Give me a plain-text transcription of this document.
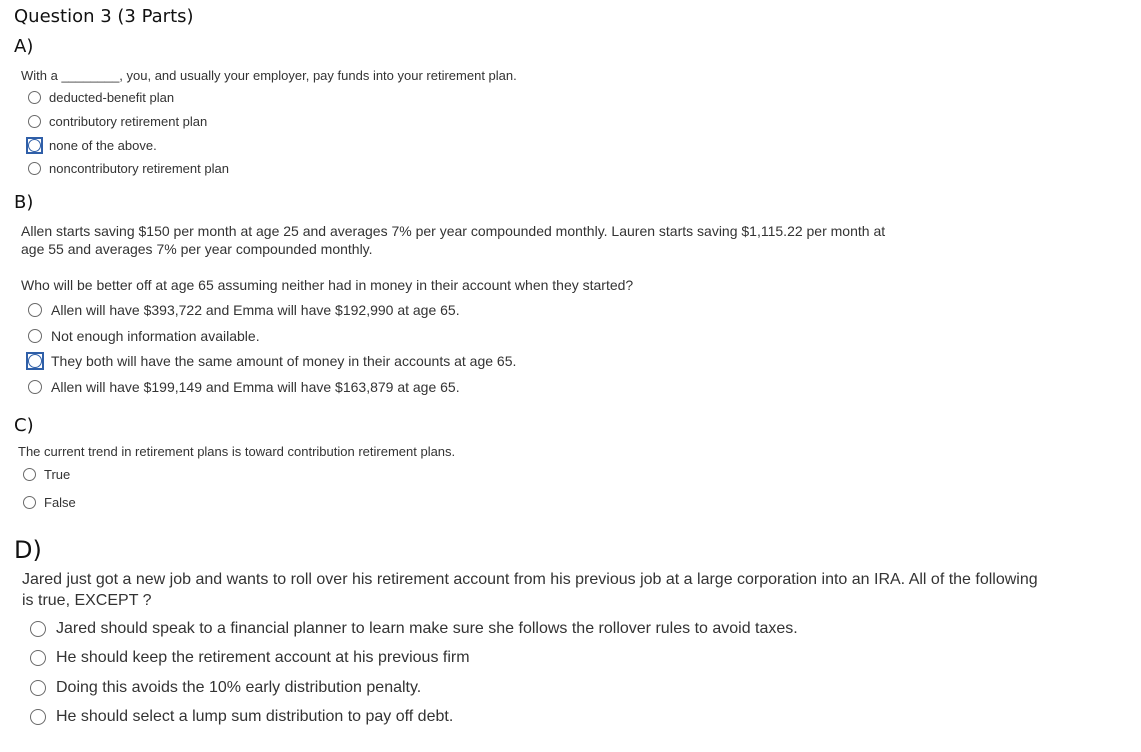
Question 3 (3 Parts)
A)
With a ________, you, and usually your employer, pay funds into your retirement plan.
deducted-benefit plan
contributory retirement plan
none of the above.
noncontributory retirement plan
B)
Allen starts saving $150 per month at age 25 and averages 7% per year compounded monthly. Lauren starts saving $1,115.22 per month at
age 55 and averages 7% per year compounded monthly.
Who will be better off at age 65 assuming neither had in money in their account when they started?
Allen will have $393,722 and Emma will have $192,990 at age 65.
Not enough information available.
They both will have the same amount of money in their accounts at age 65.
Allen will have $199,149 and Emma will have $163,879 at age 65.
C)
The current trend in retirement plans is toward contribution retirement plans.
True
False
D)
Jared just got a new job and wants to roll over his retirement account from his previous job at a large corporation into an IRA. All of the following
is true, EXCEPT ?
Jared should speak to a financial planner to learn make sure she follows the rollover rules to avoid taxes.
He should keep the retirement account at his previous firm
Doing this avoids the 10% early distribution penalty.
He should select a lump sum distribution to pay off debt.
